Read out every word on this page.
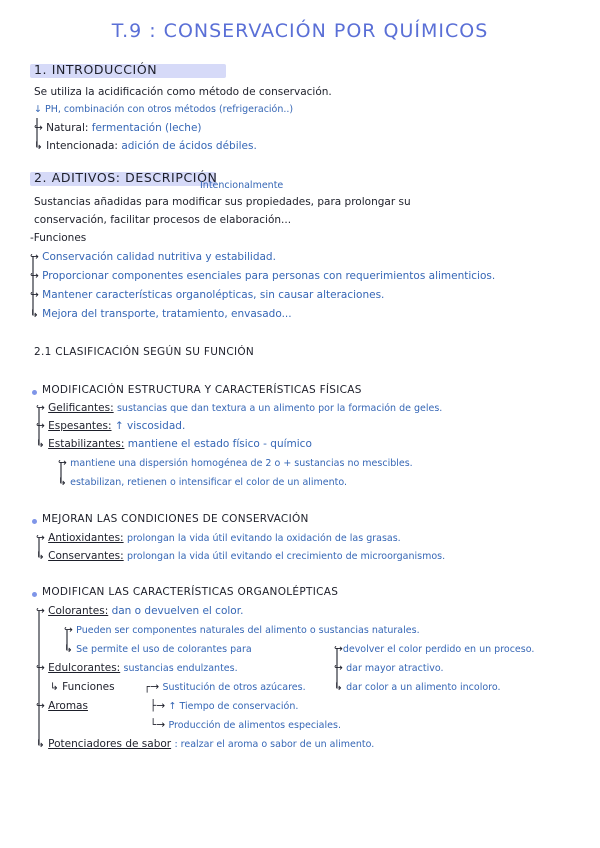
T.9 : CONSERVACIÓN POR QUÍMICOS
1. INTRODUCCIÓN
Se utiliza la acidificación como método de conservación.
↓ PH, combinación con otros métodos (refrigeración..)
↪ Natural: fermentación (leche)
↳ Intencionada: adición de ácidos débiles.
2. ADITIVOS: DESCRIPCIÓN
Intencionalmente
Sustancias añadidas para modificar sus propiedades, para prolongar su
conservación, facilitar procesos de elaboración...
-Funciones
↪ Conservación calidad nutritiva y estabilidad.
↪ Proporcionar componentes esenciales para personas con requerimientos alimenticios.
↪ Mantener características organolépticas, sin causar alteraciones.
↳ Mejora del transporte, tratamiento, envasado...
2.1 CLASIFICACIÓN SEGÚN SU FUNCIÓN
MODIFICACIÓN ESTRUCTURA Y CARACTERÍSTICAS FÍSICAS
↪ Gelificantes: sustancias que dan textura a un alimento por la formación de geles.
↪ Espesantes: ↑ viscosidad.
↳ Estabilizantes: mantiene el estado físico - químico
↪ mantiene una dispersión homogénea de 2 o + sustancias no mescibles.
↳ estabilizan, retienen o intensificar el color de un alimento.
MEJORAN LAS CONDICIONES DE CONSERVACIÓN
↪ Antioxidantes: prolongan la vida útil evitando la oxidación de las grasas.
↳ Conservantes: prolongan la vida útil evitando el crecimiento de microorganismos.
MODIFICAN LAS CARACTERÍSTICAS ORGANOLÉPTICAS
↪ Colorantes: dan o devuelven el color.
↪ Pueden ser componentes naturales del alimento o sustancias naturales.
↳ Se permite el uso de colorantes para	↪devolver el color perdido en un proceso.
↪ dar mayor atractivo.
↳ dar color a un alimento incoloro.
↪ Edulcorantes: sustancias endulzantes.
↳ Funciones	┌→ Sustitución de otros azúcares.
↪ Aromas	├→ ↑ Tiempo de conservación.
└→ Producción de alimentos especiales.
↳ Potenciadores de sabor : realzar el aroma o sabor de un alimento.
